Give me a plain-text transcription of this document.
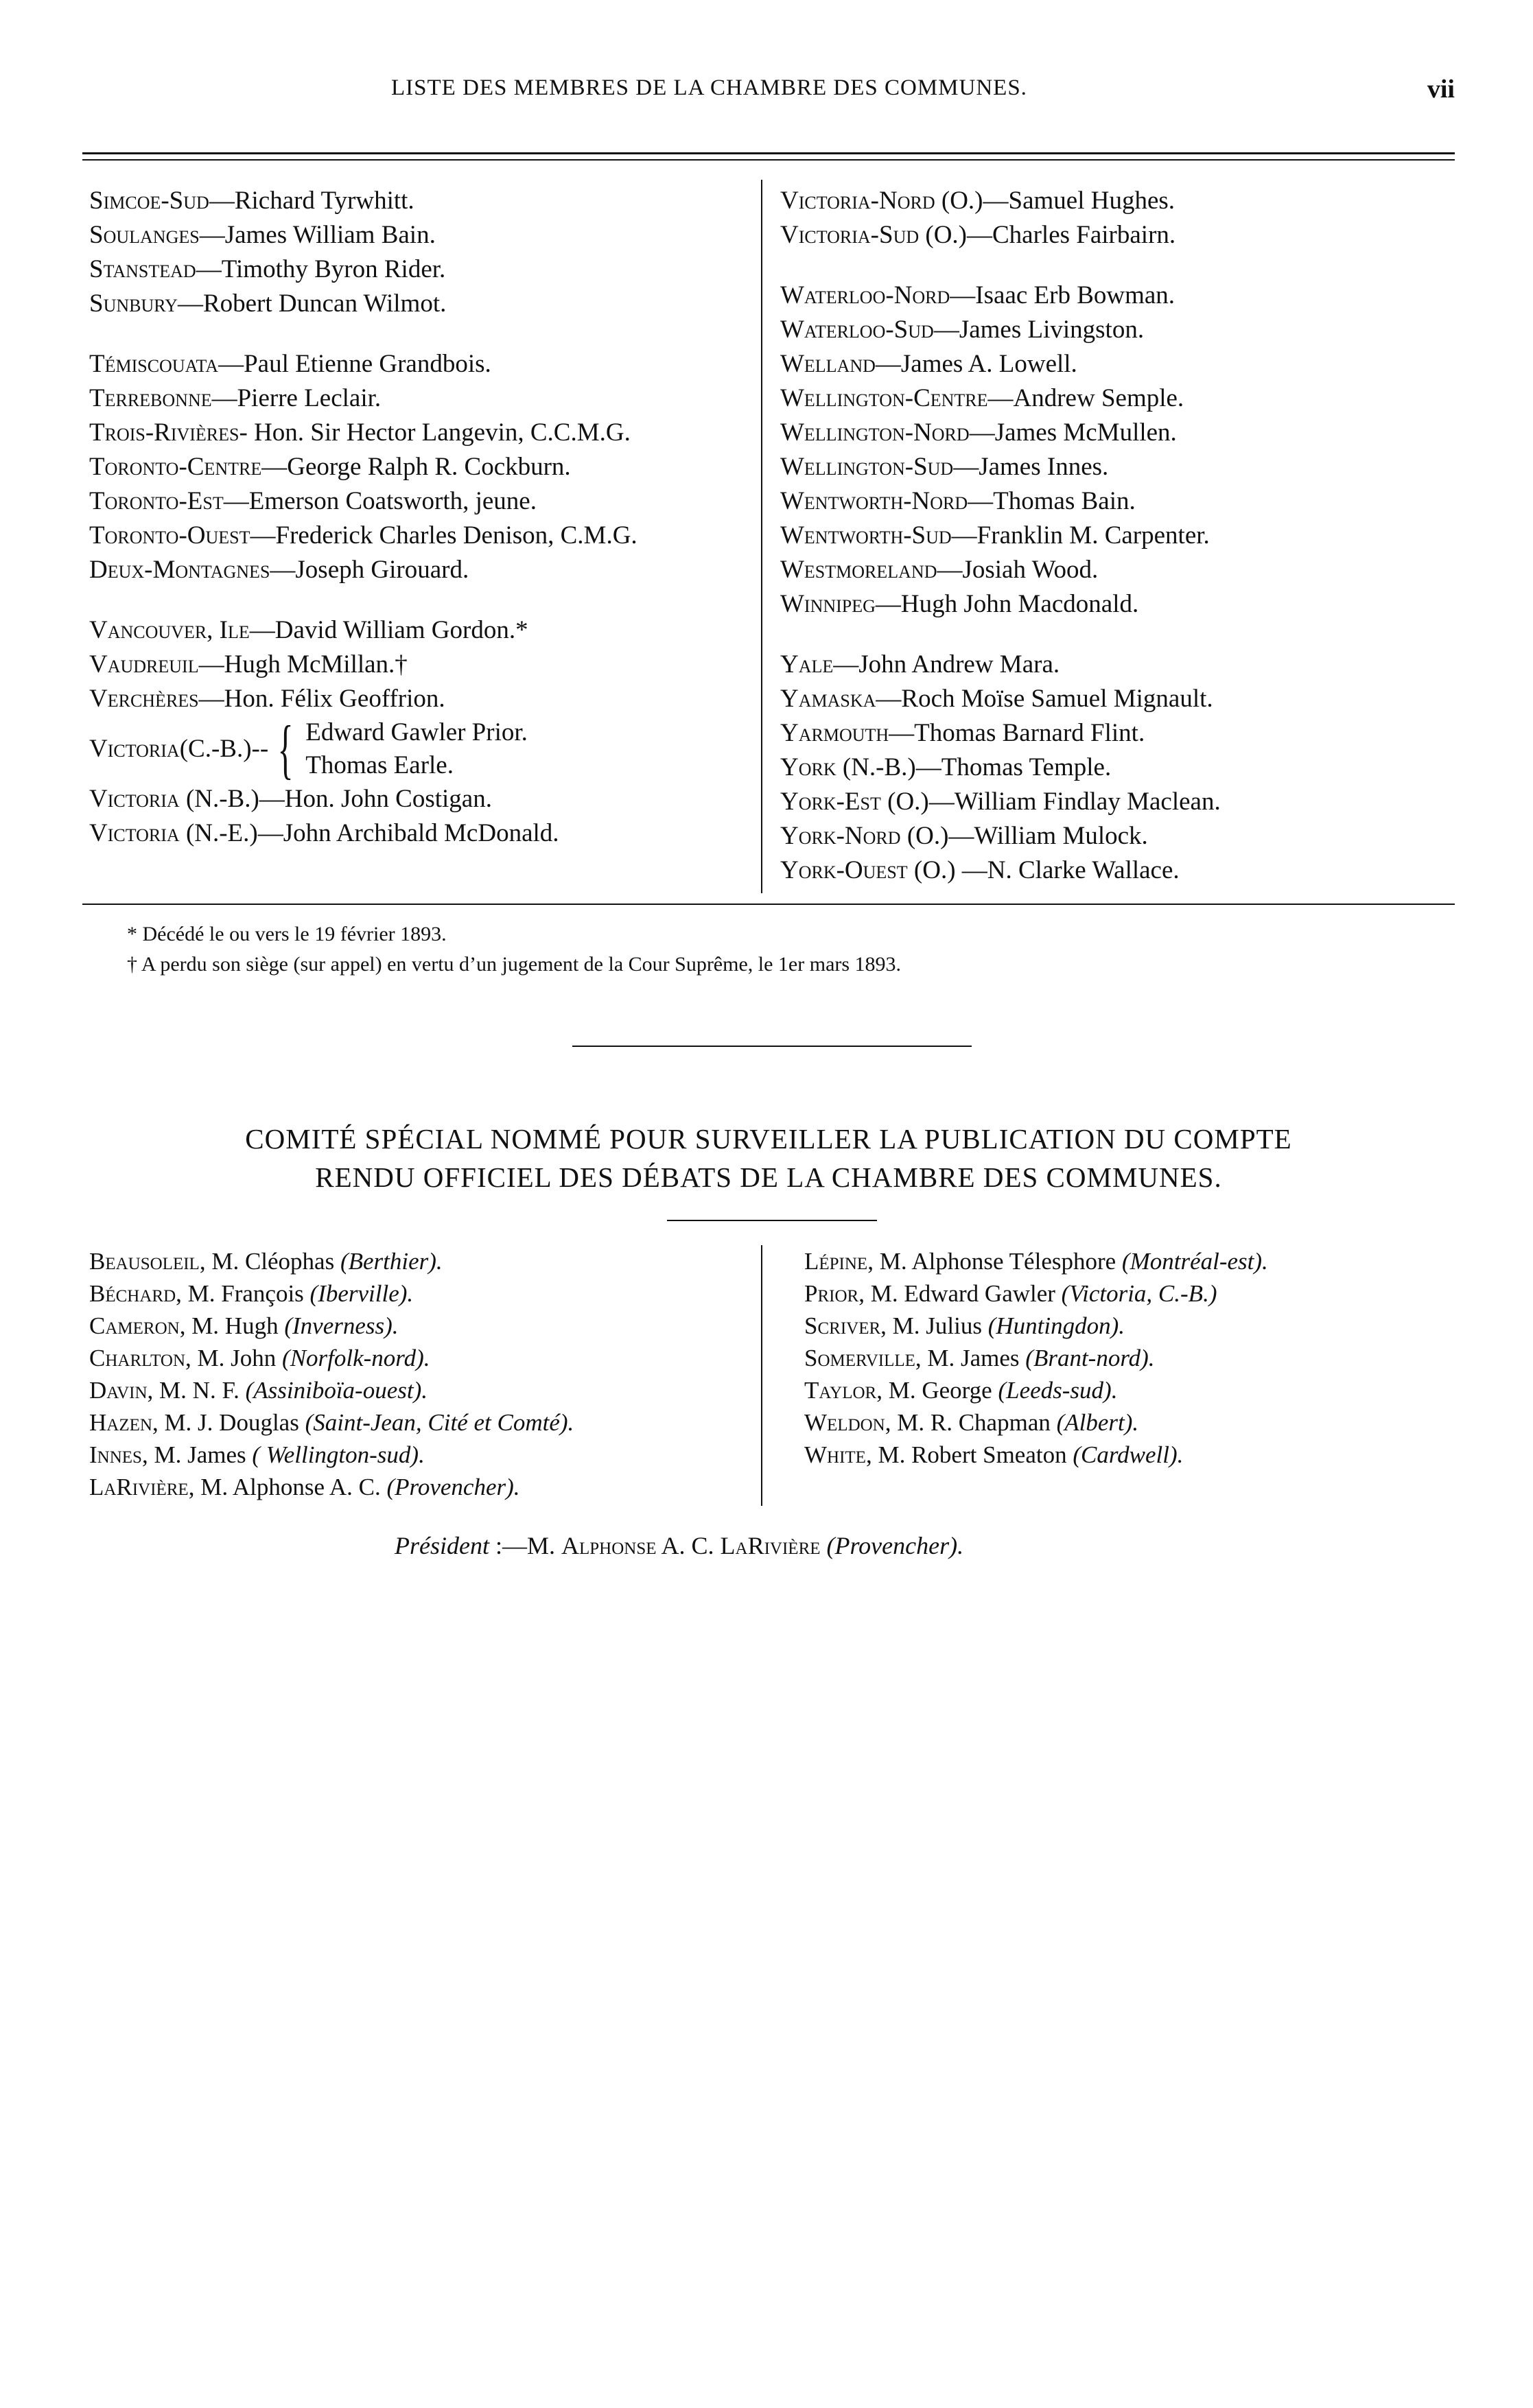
LISTE DES MEMBRES DE LA CHAMBRE DES COMMUNES.	vii
Simcoe-Sud—Richard Tyrwhitt.
Soulanges—James William Bain.
Stanstead—Timothy Byron Rider.
Sunbury—Robert Duncan Wilmot.
Témiscouata—Paul Etienne Grandbois.
Terrebonne—Pierre Leclair.
Trois-Rivières- Hon. Sir Hector Langevin, C.C.M.G.
Toronto-Centre—George Ralph R. Cockburn.
Toronto-Est—Emerson Coatsworth, jeune.
Toronto-Ouest—Frederick Charles Denison, C.M.G.
Deux-Montagnes—Joseph Girouard.
Vancouver, Ile—David William Gordon.*
Vaudreuil—Hugh McMillan.†
Verchères—Hon. Félix Geoffrion.
Victoria (C.-B.)-- { Edward Gawler Prior.
Thomas Earle.
Victoria (N.-B.)—Hon. John Costigan.
Victoria (N.-E.)—John Archibald McDonald.
Victoria-Nord (O.)—Samuel Hughes.
Victoria-Sud (O.)—Charles Fairbairn.
Waterloo-Nord—Isaac Erb Bowman.
Waterloo-Sud—James Livingston.
Welland—James A. Lowell.
Wellington-Centre—Andrew Semple.
Wellington-Nord—James McMullen.
Wellington-Sud—James Innes.
Wentworth-Nord—Thomas Bain.
Wentworth-Sud—Franklin M. Carpenter.
Westmoreland—Josiah Wood.
Winnipeg—Hugh John Macdonald.
Yale—John Andrew Mara.
Yamaska—Roch Moïse Samuel Mignault.
Yarmouth—Thomas Barnard Flint.
York (N.-B.)—Thomas Temple.
York-Est (O.)—William Findlay Maclean.
York-Nord (O.)—William Mulock.
York-Ouest (O.) —N. Clarke Wallace.
* Décédé le ou vers le 19 février 1893.
† A perdu son siège (sur appel) en vertu d’un jugement de la Cour Suprême, le 1er mars 1893.
COMITÉ SPÉCIAL NOMMÉ POUR SURVEILLER LA PUBLICATION DU COMPTE
RENDU OFFICIEL DES DÉBATS DE LA CHAMBRE DES COMMUNES.
Beausoleil, M. Cléophas (Berthier).
Béchard, M. François (Iberville).
Cameron, M. Hugh (Inverness).
Charlton, M. John (Norfolk-nord).
Davin, M. N. F. (Assiniboïa-ouest).
Hazen, M. J. Douglas (Saint-Jean, Cité et Comté).
Innes, M. James ( Wellington-sud).
LaRivière, M. Alphonse A. C. (Provencher).
Lépine, M. Alphonse Télesphore (Montréal-est).
Prior, M. Edward Gawler (Victoria, C.-B.)
Scriver, M. Julius (Huntingdon).
Somerville, M. James (Brant-nord).
Taylor, M. George (Leeds-sud).
Weldon, M. R. Chapman (Albert).
White, M. Robert Smeaton (Cardwell).
Président :—M. Alphonse A. C. LaRivière (Provencher).
